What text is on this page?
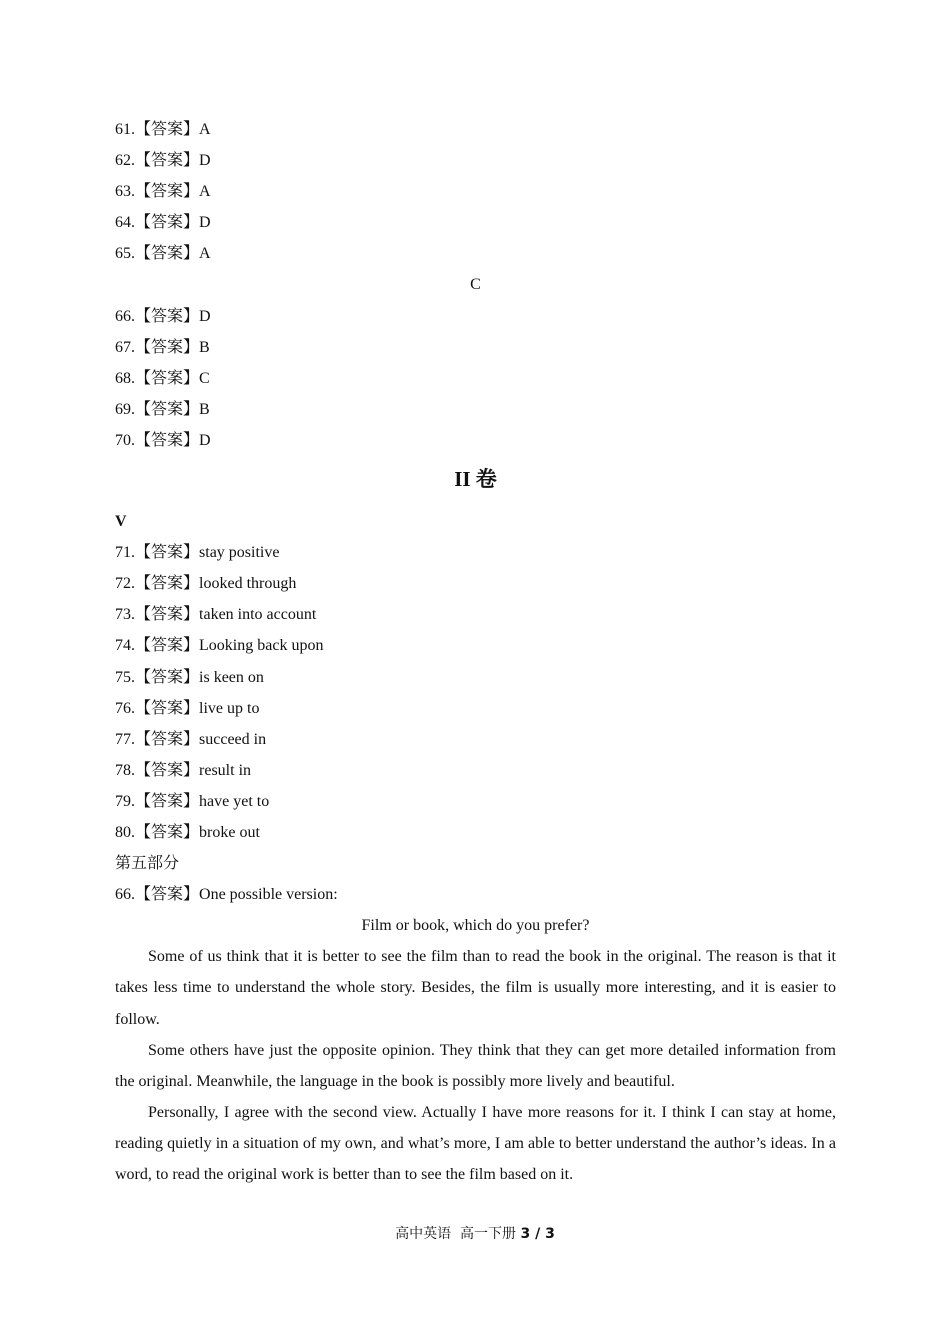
61.【答案】A
62.【答案】D
63.【答案】A
64.【答案】D
65.【答案】A
C
66.【答案】D
67.【答案】B
68.【答案】C
69.【答案】B
70.【答案】D
II 卷
V
71.【答案】stay positive
72.【答案】looked through
73.【答案】taken into account
74.【答案】Looking back upon
75.【答案】is keen on
76.【答案】live up to
77.【答案】succeed in
78.【答案】result in
79.【答案】have yet to
80.【答案】broke out
第五部分
66.【答案】One possible version:
Film or book, which do you prefer?
Some of us think that it is better to see the film than to read the book in the original. The reason is that it takes less time to understand the whole story. Besides, the film is usually more interesting, and it is easier to follow.
Some others have just the opposite opinion. They think that they can get more detailed information from the original. Meanwhile, the language in the book is possibly more lively and beautiful.
Personally, I agree with the second view. Actually I have more reasons for it. I think I can stay at home, reading quietly in a situation of my own, and what’s more, I am able to better understand the author’s ideas. In a word, to read the original work is better than to see the film based on it.
高中英语  高一下册 3 / 3
